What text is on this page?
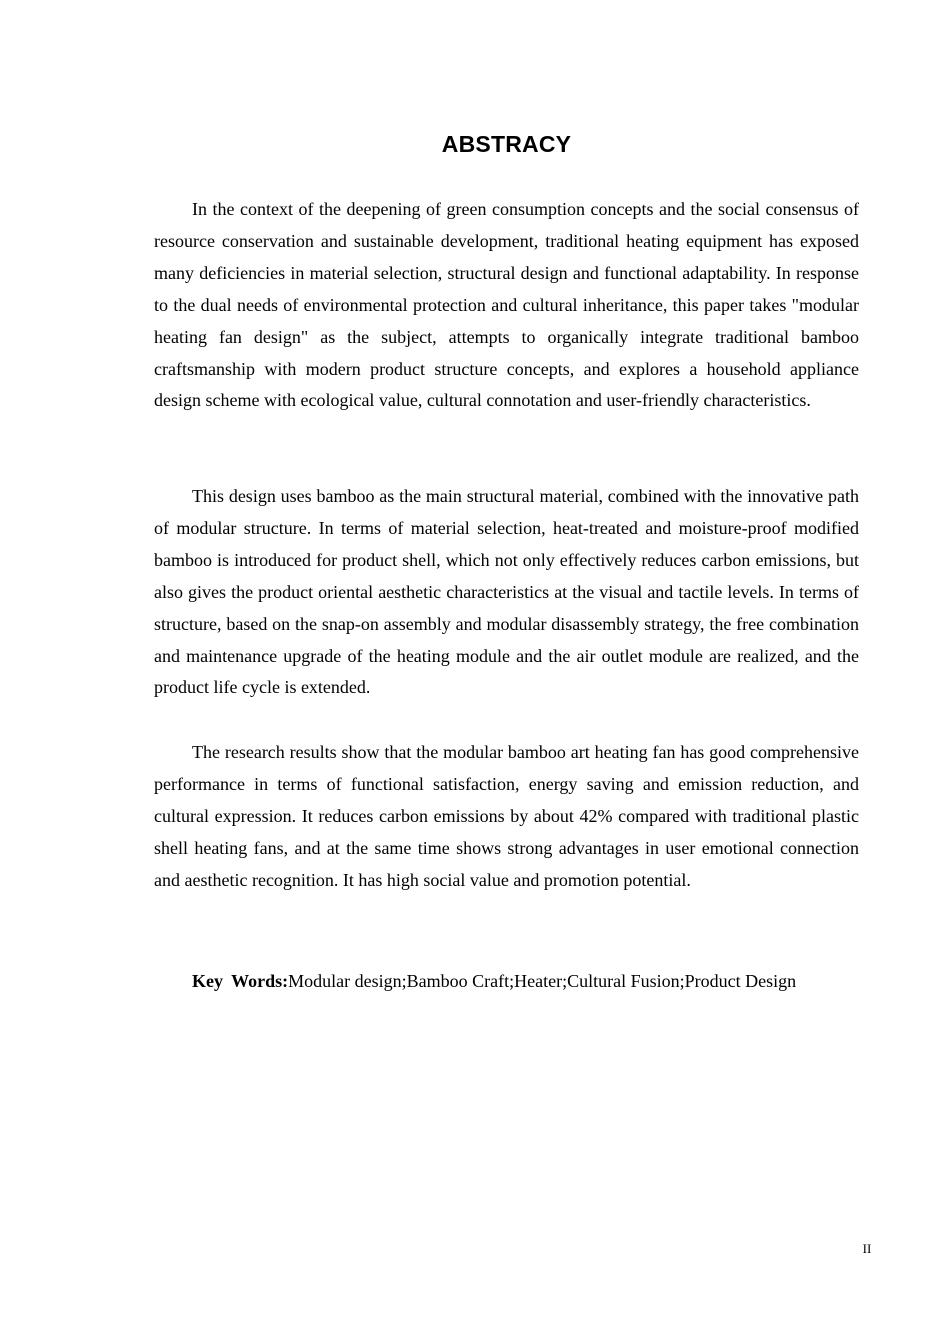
ABSTRACY

In the context of the deepening of green consumption concepts and the social consensus of resource conservation and sustainable development, traditional heating equipment has exposed many deficiencies in material selection, structural design and functional adaptability. In response to the dual needs of environmental protection and cultural inheritance, this paper takes "modular heating fan design" as the subject, attempts to organically integrate traditional bamboo craftsmanship with modern product structure concepts, and explores a household appliance design scheme with ecological value, cultural connotation and user-friendly characteristics.

This design uses bamboo as the main structural material, combined with the innovative path of modular structure. In terms of material selection, heat-treated and moisture-proof modified bamboo is introduced for product shell, which not only effectively reduces carbon emissions, but also gives the product oriental aesthetic characteristics at the visual and tactile levels. In terms of structure, based on the snap-on assembly and modular disassembly strategy, the free combination and maintenance upgrade of the heating module and the air outlet module are realized, and the product life cycle is extended.

The research results show that the modular bamboo art heating fan has good comprehensive performance in terms of functional satisfaction, energy saving and emission reduction, and cultural expression. It reduces carbon emissions by about 42% compared with traditional plastic shell heating fans, and at the same time shows strong advantages in user emotional connection and aesthetic recognition. It has high social value and promotion potential.

Key Words:Modular design;Bamboo Craft;Heater;Cultural Fusion;Product Design

II
